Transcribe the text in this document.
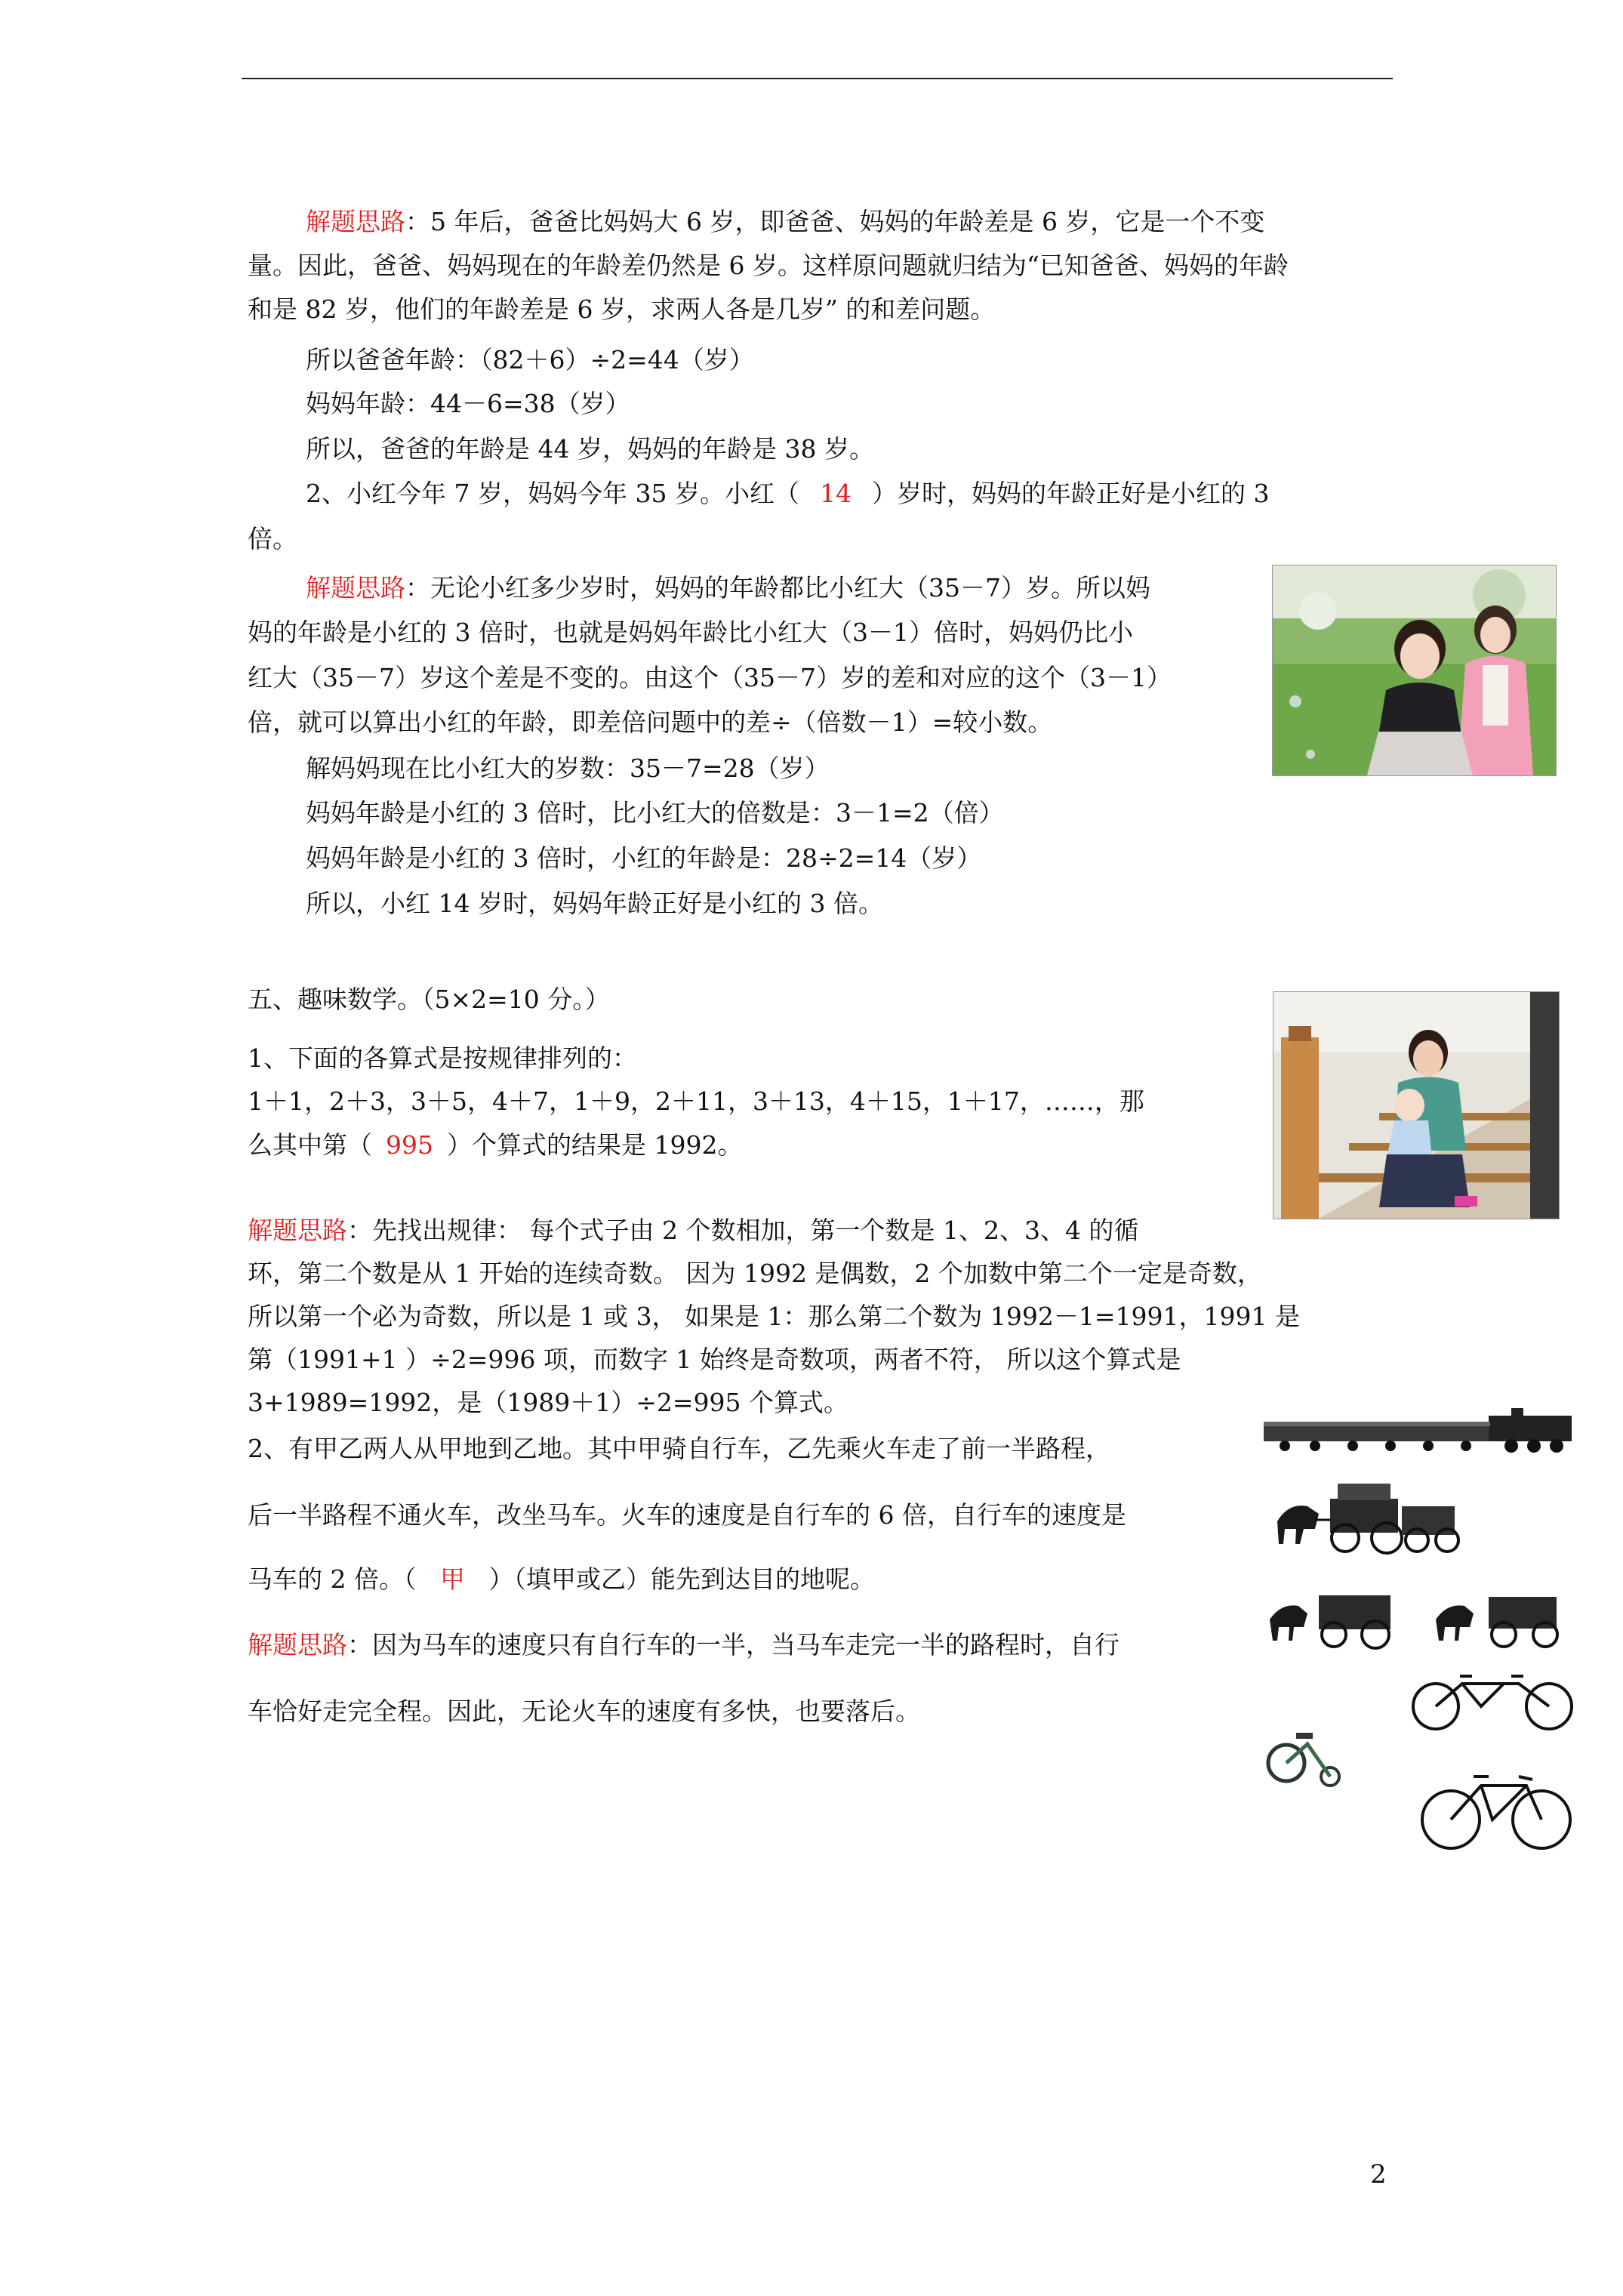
解题思路：5 年后，爸爸比妈妈大 6 岁，即爸爸、妈妈的年龄差是 6 岁，它是一个不变
量。因此，爸爸、妈妈现在的年龄差仍然是 6 岁。这样原问题就归结为“已知爸爸、妈妈的年龄
和是 82 岁，他们的年龄差是 6 岁，求两人各是几岁” 的和差问题。
所以爸爸年龄：（82＋6）÷2=44（岁）
妈妈年龄：44－6=38（岁）
所以，爸爸的年龄是 44 岁，妈妈的年龄是 38 岁。
2、小红今年 7 岁，妈妈今年 35 岁。小红（ 14 ）岁时，妈妈的年龄正好是小红的 3
倍。
解题思路：无论小红多少岁时，妈妈的年龄都比小红大（35－7）岁。所以妈
妈的年龄是小红的 3 倍时，也就是妈妈年龄比小红大（3－1）倍时，妈妈仍比小
红大（35－7）岁这个差是不变的。由这个（35－7）岁的差和对应的这个（3－1）
倍，就可以算出小红的年龄，即差倍问题中的差÷（倍数－1）=较小数。
解妈妈现在比小红大的岁数：35－7=28（岁）
妈妈年龄是小红的 3 倍时，比小红大的倍数是：3－1=2（倍）
妈妈年龄是小红的 3 倍时，小红的年龄是：28÷2=14（岁）
所以，小红 14 岁时，妈妈年龄正好是小红的 3 倍。
五、趣味数学。（5×2=10 分。）
1、下面的各算式是按规律排列的：
1＋1，2＋3，3＋5，4＋7，1＋9，2＋11，3＋13，4＋15，1＋17，……，那
么其中第（ 995 ）个算式的结果是 1992。
解题思路：先找出规律： 每个式子由 2 个数相加，第一个数是 1、2、3、4 的循
环，第二个数是从 1 开始的连续奇数。 因为 1992 是偶数，2 个加数中第二个一定是奇数，
所以第一个必为奇数，所以是 1 或 3， 如果是 1：那么第二个数为 1992－1=1991，1991 是
第（1991+1 ）÷2=996 项，而数字 1 始终是奇数项，两者不符， 所以这个算式是
3+1989=1992，是（1989＋1）÷2=995 个算式。
2、有甲乙两人从甲地到乙地。其中甲骑自行车，乙先乘火车走了前一半路程，
后一半路程不通火车，改坐马车。火车的速度是自行车的 6 倍，自行车的速度是
马车的 2 倍。（ 甲 ）（填甲或乙）能先到达目的地呢。
解题思路：因为马车的速度只有自行车的一半，当马车走完一半的路程时，自行
车恰好走完全程。因此，无论火车的速度有多快，也要落后。
2
